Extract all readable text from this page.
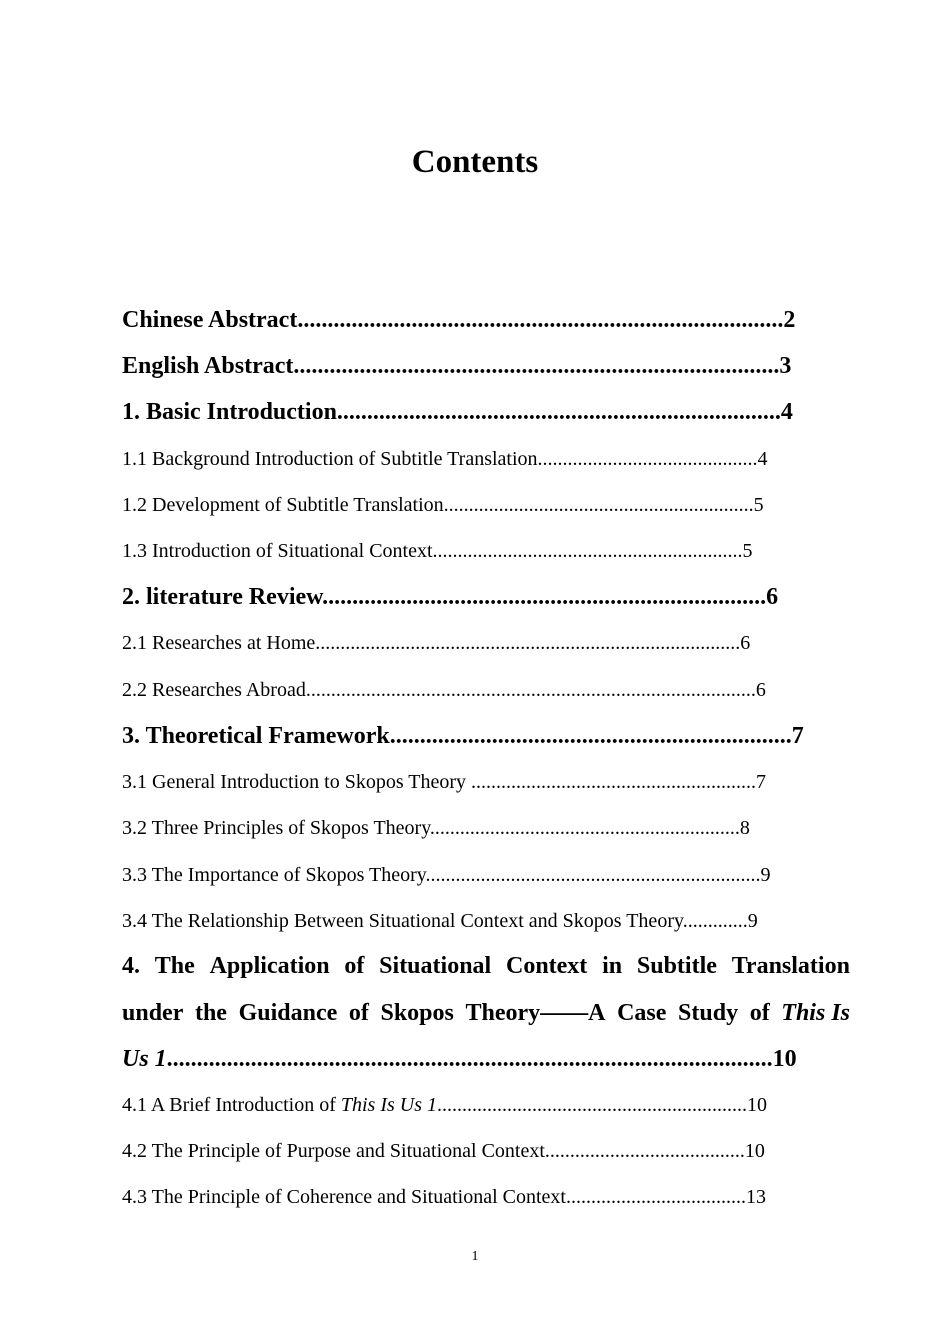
Contents
Chinese Abstract.................................................................................2
English Abstract.................................................................................3
1. Basic Introduction..........................................................................4
1.1 Background Introduction of Subtitle Translation............................................4
1.2 Development of Subtitle Translation..............................................................5
1.3 Introduction of Situational Context..............................................................5
2. literature Review..........................................................................6
2.1 Researches at Home.....................................................................................6
2.2 Researches Abroad..........................................................................................6
3. Theoretical Framework...................................................................7
3.1 General Introduction to Skopos Theory .........................................................7
3.2 Three Principles of Skopos Theory..............................................................8
3.3 The Importance of Skopos Theory...................................................................9
3.4 The Relationship Between Situational Context and Skopos Theory.............9
4. The Application of Situational Context in Subtitle Translation
under the Guidance of Skopos Theory——A Case Study of This Is
Us 1.....................................................................................................10
4.1 A Brief Introduction of This Is Us 1..............................................................10
4.2 The Principle of Purpose and Situational Context........................................10
4.3 The Principle of Coherence and Situational Context....................................13
1
